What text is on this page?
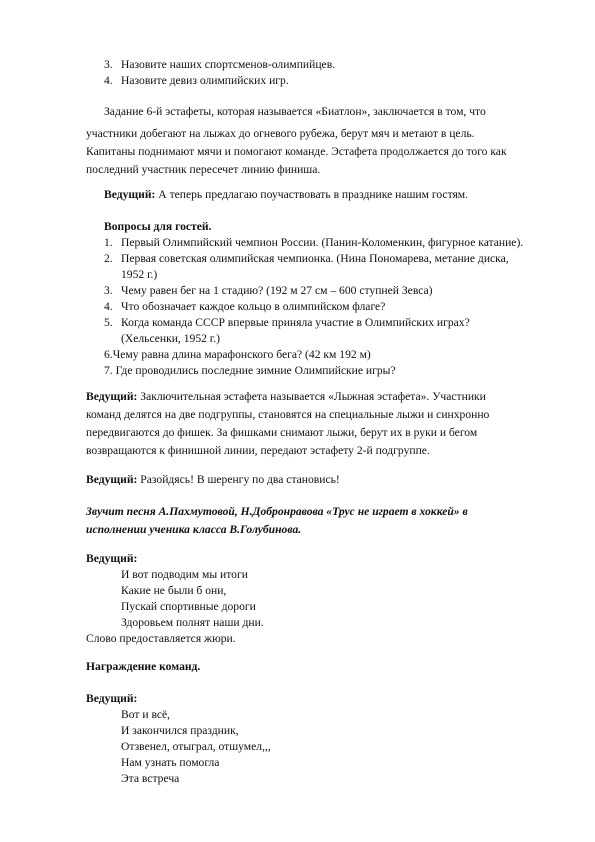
3. Назовите наших спортсменов-олимпийцев.
4. Назовите девиз олимпийских игр.
Задание 6-й эстафеты, которая называется «Биатлон», заключается в том, что
участники добегают на лыжах до огневого рубежа, берут мяч и метают в цель.
Капитаны поднимают мячи и помогают команде. Эстафета продолжается до того как
последний участник пересечет линию финиша.
Ведущий: А теперь предлагаю поучаствовать в празднике нашим гостям.
Вопросы для гостей.
1. Первый Олимпийский чемпион России. (Панин-Коломенкин, фигурное катание).
2. Первая советская олимпийская чемпионка. (Нина Пономарева, метание диска,
1952 г.)
3. Чему равен бег на 1 стадию? (192 м 27 см – 600 ступней Зевса)
4. Что обозначает каждое кольцо в олимпийском флаге?
5. Когда команда СССР впервые приняла участие в Олимпийских играх?
(Хельсенки, 1952 г.)
6.Чему равна длина марафонского бега? (42 км 192 м)
7. Где проводились последние зимние Олимпийские игры?
Ведущий: Заключительная эстафета называется «Лыжная эстафета». Участники
команд делятся на две подгруппы, становятся на специальные лыжи и синхронно
передвигаются до фишек. За фишками снимают лыжи, берут их в руки и бегом
возвращаются к финишной линии, передают эстафету 2-й подгруппе.
Ведущий: Разойдясь! В шеренгу по два становись!
Звучит песня А.Пахмутовой, Н.Добронравова «Трус не играет в хоккей» в
исполнении ученика класса В.Голубинова.
Ведущий:
И вот подводим мы итоги
Какие не были б они,
Пускай спортивные дороги
Здоровьем полнят наши дни.
Слово предоставляется жюри.
Награждение команд.
Ведущий:
Вот и всё,
И закончился праздник,
Отзвенел, отыграл, отшумел,,,
Нам узнать помогла
Эта встреча
